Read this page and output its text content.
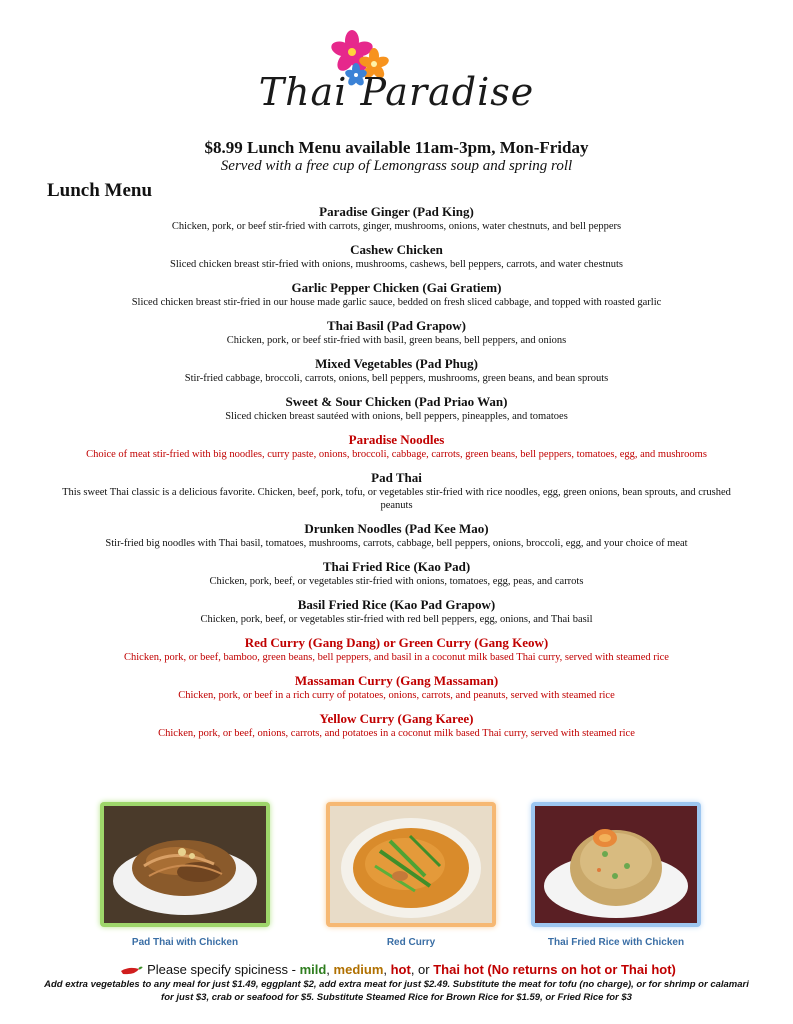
Thai Paradise
$8.99 Lunch Menu available 11am-3pm, Mon-Friday
Served with a free cup of Lemongrass soup and spring roll
Lunch Menu
Paradise Ginger (Pad King)
Chicken, pork, or beef stir-fried with carrots, ginger, mushrooms, onions, water chestnuts, and bell peppers
Cashew Chicken
Sliced chicken breast stir-fried with onions, mushrooms, cashews, bell peppers, carrots, and water chestnuts
Garlic Pepper Chicken (Gai Gratiem)
Sliced chicken breast stir-fried in our house made garlic sauce, bedded on fresh sliced cabbage, and topped with roasted garlic
Thai Basil (Pad Grapow)
Chicken, pork, or beef stir-fried with basil, green beans, bell peppers, and onions
Mixed Vegetables (Pad Phug)
Stir-fried cabbage, broccoli, carrots, onions, bell peppers, mushrooms, green beans, and bean sprouts
Sweet & Sour Chicken (Pad Priao Wan)
Sliced chicken breast sautéed with onions, bell peppers, pineapples, and tomatoes
Paradise Noodles
Choice of meat stir-fried with big noodles, curry paste, onions, broccoli, cabbage, carrots, green beans, bell peppers, tomatoes, egg, and mushrooms
Pad Thai
This sweet Thai classic is a delicious favorite. Chicken, beef, pork, tofu, or vegetables stir-fried with rice noodles, egg, green onions, bean sprouts, and crushed peanuts
Drunken Noodles (Pad Kee Mao)
Stir-fried big noodles with Thai basil, tomatoes, mushrooms, carrots, cabbage, bell peppers, onions, broccoli, egg, and your choice of meat
Thai Fried Rice (Kao Pad)
Chicken, pork, beef, or vegetables stir-fried with onions, tomatoes, egg, peas, and carrots
Basil Fried Rice (Kao Pad Grapow)
Chicken, pork, beef, or vegetables stir-fried with red bell peppers, egg, onions, and Thai basil
Red Curry (Gang Dang) or Green Curry (Gang Keow)
Chicken, pork, or beef, bamboo, green beans, bell peppers, and basil in a coconut milk based Thai curry, served with steamed rice
Massaman Curry (Gang Massaman)
Chicken, pork, or beef in a rich curry of potatoes, onions, carrots, and peanuts, served with steamed rice
Yellow Curry (Gang Karee)
Chicken, pork, or beef, onions, carrots, and potatoes in a coconut milk based Thai curry, served with steamed rice
Pad Thai with Chicken	Red Curry	Thai Fried Rice with Chicken
Please specify spiciness - mild, medium, hot, or Thai hot (No returns on hot or Thai hot)
Add extra vegetables to any meal for just $1.49, eggplant $2, add extra meat for just $2.49. Substitute the meat for tofu (no charge), or for shrimp or calamari for just $3, crab or seafood for $5. Substitute Steamed Rice for Brown Rice for $1.59, or Fried Rice for $3
